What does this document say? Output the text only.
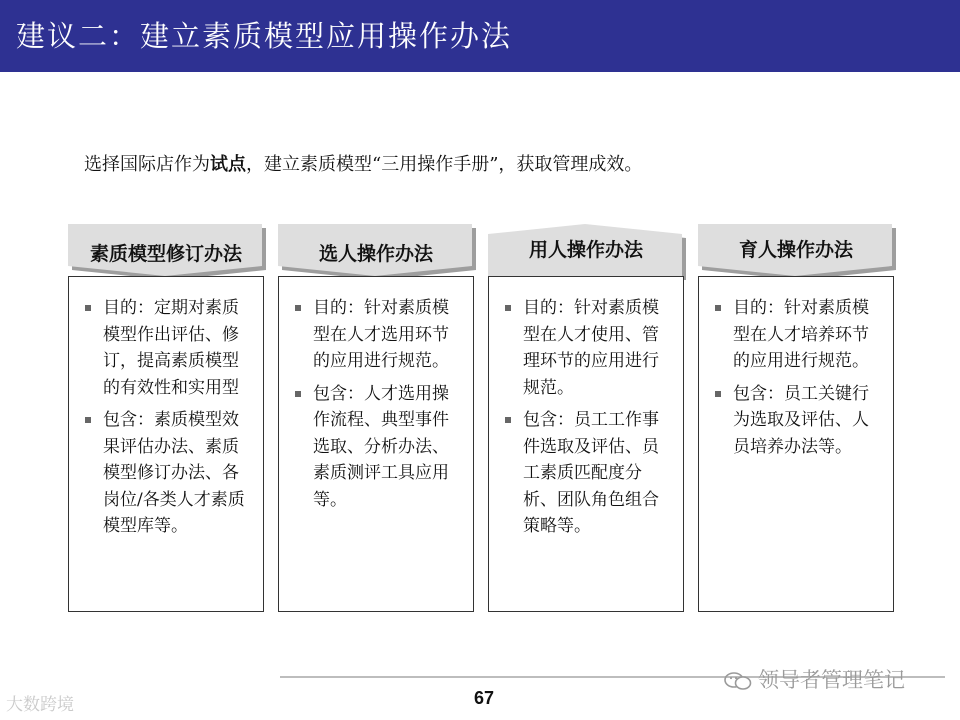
建议二：建立素质模型应用操作办法
选择国际店作为试点，建立素质模型“三用操作手册”，获取管理成效。
素质模型修订办法
目的：定期对素质模型作出评估、修订，提高素质模型的有效性和实用型
包含：素质模型效果评估办法、素质模型修订办法、各岗位/各类人才素质模型库等。
选人操作办法
目的：针对素质模型在人才选用环节的应用进行规范。
包含：人才选用操作流程、典型事件选取、分析办法、素质测评工具应用等。
用人操作办法
目的：针对素质模型在人才使用、管理环节的应用进行规范。
包含：员工工作事件选取及评估、员工素质匹配度分析、团队角色组合策略等。
育人操作办法
目的：针对素质模型在人才培养环节的应用进行规范。
包含：员工关键行为选取及评估、人员培养办法等。
67
大数跨境
领导者管理笔记
